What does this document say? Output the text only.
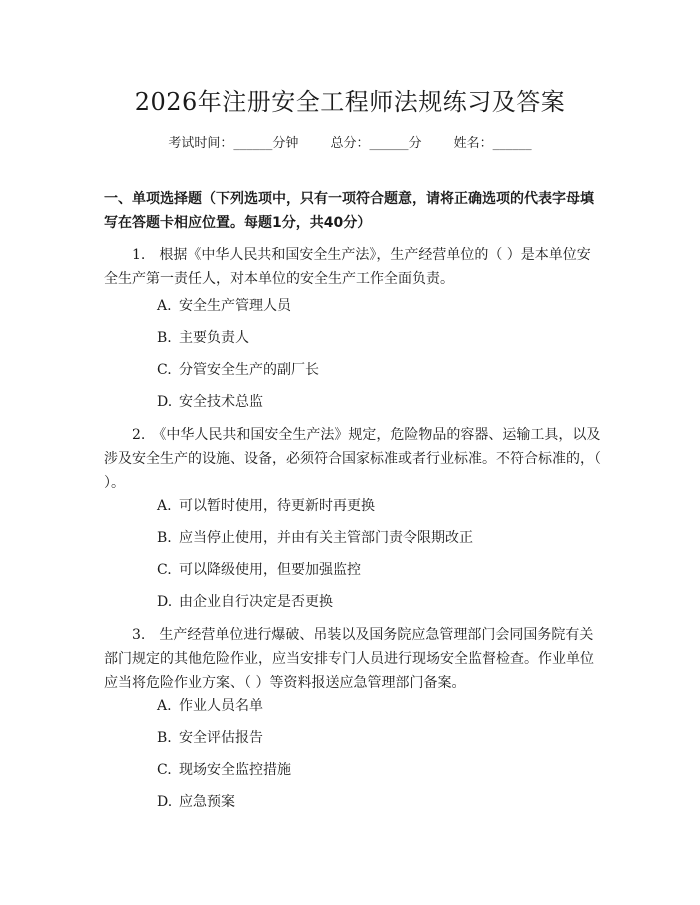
2026年注册安全工程师法规练习及答案
考试时间：______分钟 总分：______分 姓名：______

一、单项选择题（下列选项中，只有一项符合题意，请将正确选项的代表字母填写在答题卡相应位置。每题1分，共40分）

1.　根据《中华人民共和国安全生产法》，生产经营单位的（ ）是本单位安全生产第一责任人，对本单位的安全生产工作全面负责。

A. 安全生产管理人员

B. 主要负责人

C. 分管安全生产的副厂长

D. 安全技术总监

2.　《中华人民共和国安全生产法》规定，危险物品的容器、运输工具，以及涉及安全生产的设施、设备，必须符合国家标准或者行业标准。不符合标准的，（ ）。

A. 可以暂时使用，待更新时再更换

B. 应当停止使用，并由有关主管部门责令限期改正

C. 可以降级使用，但要加强监控

D. 由企业自行决定是否更换

3.　生产经营单位进行爆破、吊装以及国务院应急管理部门会同国务院有关部门规定的其他危险作业，应当安排专门人员进行现场安全监督检查。作业单位应当将危险作业方案、（ ）等资料报送应急管理部门备案。

A. 作业人员名单

B. 安全评估报告

C. 现场安全监控措施

D. 应急预案
